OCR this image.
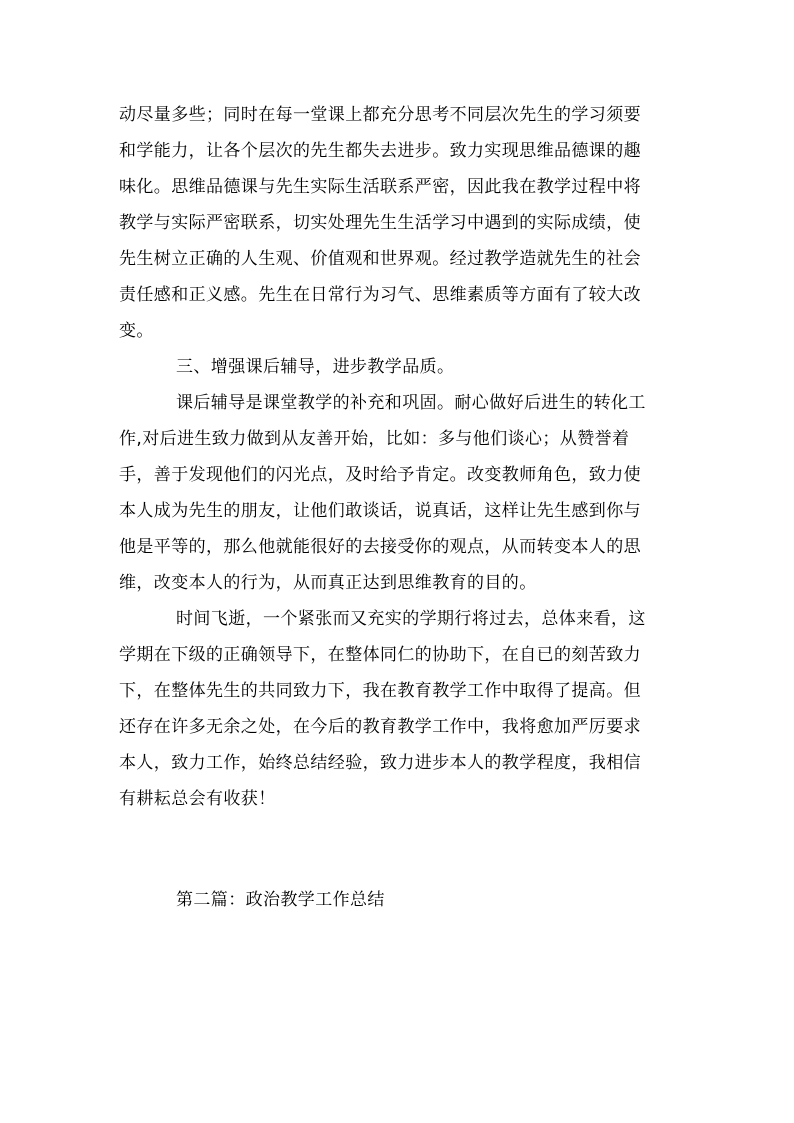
动尽量多些；同时在每一堂课上都充分思考不同层次先生的学习须要
和学能力，让各个层次的先生都失去进步。致力实现思维品德课的趣
味化。思维品德课与先生实际生活联系严密，因此我在教学过程中将
教学与实际严密联系，切实处理先生生活学习中遇到的实际成绩，使
先生树立正确的人生观、价值观和世界观。经过教学造就先生的社会
责任感和正义感。先生在日常行为习气、思维素质等方面有了较大改
变。
三、增强课后辅导，进步教学品质。
课后辅导是课堂教学的补充和巩固。耐心做好后进生的转化工
作,对后进生致力做到从友善开始，比如：多与他们谈心；从赞誉着
手，善于发现他们的闪光点，及时给予肯定。改变教师角色，致力使
本人成为先生的朋友，让他们敢谈话，说真话，这样让先生感到你与
他是平等的，那么他就能很好的去接受你的观点，从而转变本人的思
维，改变本人的行为，从而真正达到思维教育的目的。
时间飞逝，一个紧张而又充实的学期行将过去，总体来看，这
学期在下级的正确领导下，在整体同仁的协助下，在自已的刻苦致力
下，在整体先生的共同致力下，我在教育教学工作中取得了提高。但
还存在许多无余之处，在今后的教育教学工作中，我将愈加严厉要求
本人，致力工作，始终总结经验，致力进步本人的教学程度，我相信
有耕耘总会有收获！
第二篇：政治教学工作总结
